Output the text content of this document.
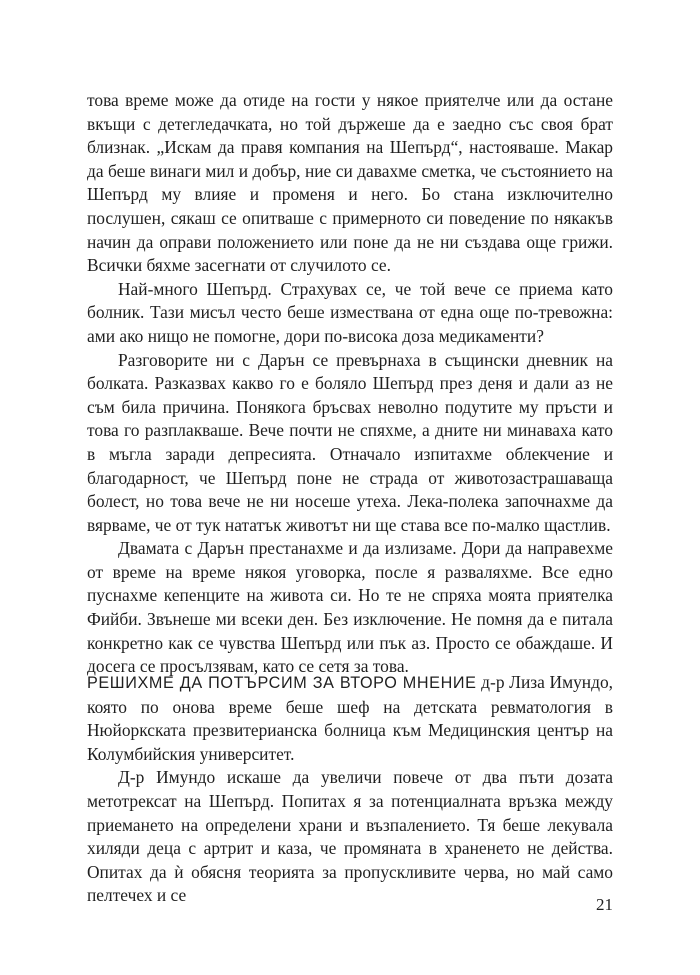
това време може да отиде на гости у някое приятелче или да остане вкъщи с детегледачката, но той държеше да е заедно със своя брат близнак. „Искам да правя компания на Шепърд“, настояваше. Макар да беше винаги мил и добър, ние си давахме сметка, че състоянието на Шепърд му влияе и променя и него. Бо стана изключително послушен, сякаш се опитваше с примерното си поведение по някакъв начин да оправи положението или поне да не ни създава още грижи. Всички бяхме засегнати от случилото се.

Най-много Шепърд. Страхувах се, че той вече се приема като болник. Тази мисъл често беше измествана от една още по-тревожна: ами ако нищо не помогне, дори по-висока доза медикаменти?

Разговорите ни с Дарън се превърнаха в същински дневник на болката. Разказвах какво го е боляло Шепърд през деня и дали аз не съм била причина. Понякога бръсвах неволно подутите му пръсти и това го разплакваше. Вече почти не спяхме, а дните ни минаваха като в мъгла заради депресията. Отначало изпитахме облекчение и благодарност, че Шепърд поне не страда от животозастрашаваща болест, но това вече не ни носеше утеха. Лека-полека започнахме да вярваме, че от тук нататък животът ни ще става все по-малко щастлив.

Двамата с Дарън престанахме и да излизаме. Дори да направехме от време на време някоя уговорка, после я разваляхме. Все едно пуснахме кепенците на живота си. Но те не спряха моята приятелка Фийби. Звънеше ми всеки ден. Без изключение. Не помня да е питала конкретно как се чувства Шепърд или пък аз. Просто се обаждаше. И досега се просълзявам, като се сетя за това.

РЕШИХМЕ ДА ПОТЪРСИМ ЗА ВТОРО МНЕНИЕ д-р Лиза Имундо, която по онова време беше шеф на детската ревматология в Нюйоркската презвитерианска болница към Медицинския център на Колумбийския университет.

Д-р Имундо искаше да увеличи повече от два пъти дозата метотрексат на Шепърд. Попитах я за потенциалната връзка между приемането на определени храни и възпалението. Тя беше лекувала хиляди деца с артрит и каза, че промяната в храненето не действа. Опитах да ѝ обясня теорията за пропускливите черва, но май само пелтечех и се	21
